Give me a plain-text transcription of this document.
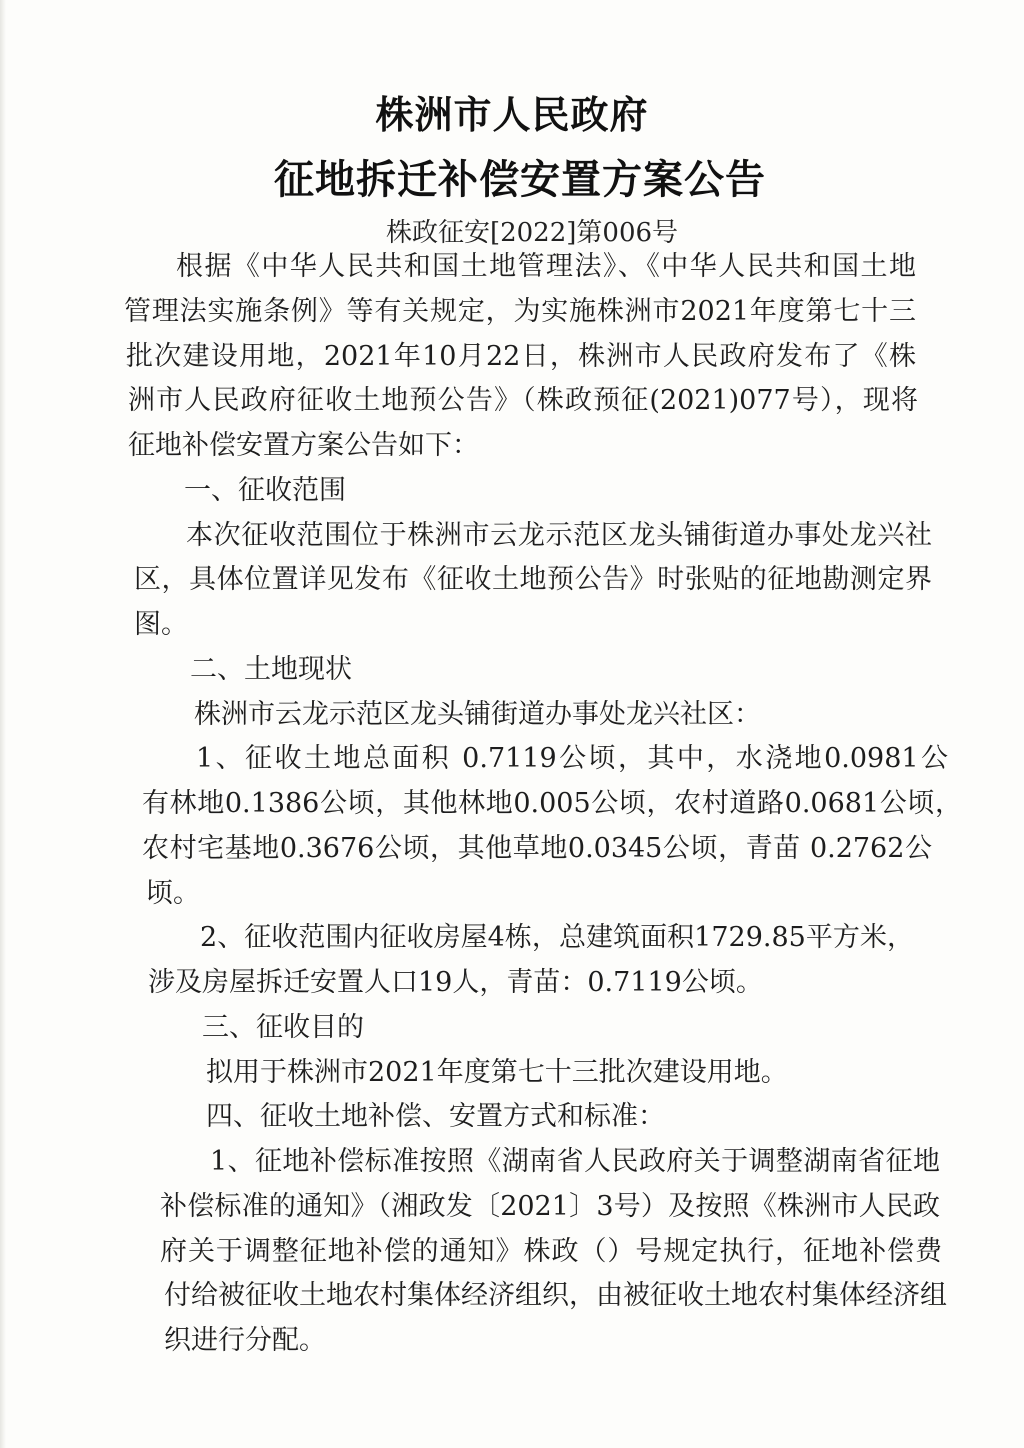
株洲市人民政府
征地拆迁补偿安置方案公告
株政征安[2022]第006号
根据《中华人民共和国土地管理法》、《中华人民共和国土地
管理法实施条例》等有关规定，为实施株洲市2021年度第七十三
批次建设用地，2021年10月22日，株洲市人民政府发布了《株
洲市人民政府征收土地预公告》（株政预征(2021)077号），现将
征地补偿安置方案公告如下：
一、征收范围
本次征收范围位于株洲市云龙示范区龙头铺街道办事处龙兴社
区，具体位置详见发布《征收土地预公告》时张贴的征地勘测定界
图。
二、土地现状
株洲市云龙示范区龙头铺街道办事处龙兴社区：
1、征收土地总面积 0.7119公顷，其中，水浇地0.0981公
有林地0.1386公顷，其他林地0.005公顷，农村道路0.0681公顷，
农村宅基地0.3676公顷，其他草地0.0345公顷，青苗 0.2762公
顷。
2、征收范围内征收房屋4栋，总建筑面积1729.85平方米，
涉及房屋拆迁安置人口19人，青苗：0.7119公顷。
三、征收目的
拟用于株洲市2021年度第七十三批次建设用地。
四、征收土地补偿、安置方式和标准：
1、征地补偿标准按照《湖南省人民政府关于调整湖南省征地
补偿标准的通知》（湘政发〔2021〕3号）及按照《株洲市人民政
府关于调整征地补偿的通知》株政（）号规定执行，征地补偿费
付给被征收土地农村集体经济组织，由被征收土地农村集体经济组
织进行分配。
